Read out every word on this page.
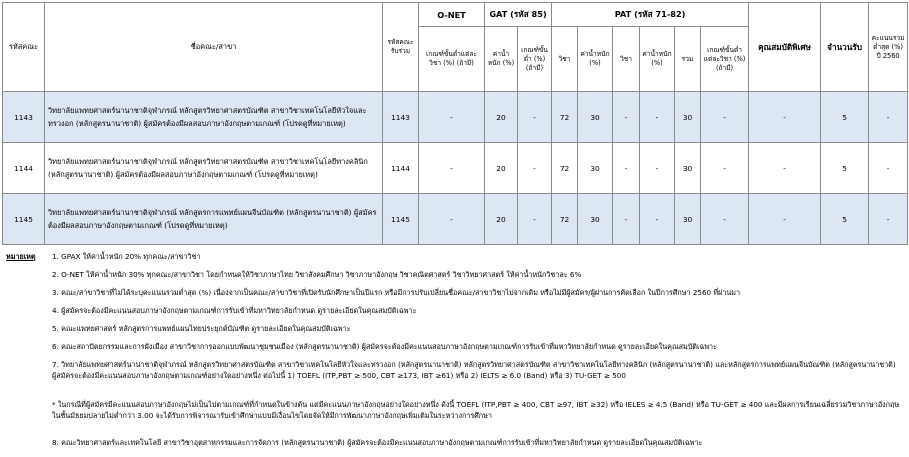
รหัสคณะ	ชื่อคณะ/สาขา	รหัสคณะรับร่วม	O-NET	GAT (รหัส 85)		PAT (รหัส 71-82)						คุณสมบัติพิเศษ	จำนวนรับ	คะแนนรวมต่ำสุด (%) ปี 2560
			เกณฑ์ขั้นต่ำแต่ละวิชา (%) (ถ้ามี)	ค่าน้ำหนัก (%)	เกณฑ์ขั้นต่ำ (%) (ถ้ามี)	วิชา	ค่าน้ำหนัก (%)	วิชา	ค่าน้ำหนัก (%)	รวม	เกณฑ์ขั้นต่ำแต่ละวิชา (%) (ถ้ามี)			
1143	วิทยาลัยแพทยศาสตร์นานาชาติจุฬาภรณ์ หลักสูตรวิทยาศาสตรบัณฑิต สาขาวิชาเทคโนโลยีหัวใจและทรวงอก (หลักสูตรนานาชาติ) ผู้สมัครต้องมีผลสอบภาษาอังกฤษตามเกณฑ์ (โปรดดูที่หมายเหตุ)	1143	-	20	-	72	30	-	-	30	-	-	5	-
1144	วิทยาลัยแพทยศาสตร์นานาชาติจุฬาภรณ์ หลักสูตรวิทยาศาสตรบัณฑิต สาขาวิชาเทคโนโลยีทางคลินิก (หลักสูตรนานาชาติ) ผู้สมัครต้องมีผลสอบภาษาอังกฤษตามเกณฑ์ (โปรดดูที่หมายเหตุ)	1144	-	20	-	72	30	-	-	30	-	-	5	-
1145	วิทยาลัยแพทยศาสตร์นานาชาติจุฬาภรณ์ หลักสูตรการแพทย์แผนจีนบัณฑิต (หลักสูตรนานาชาติ) ผู้สมัครต้องมีผลสอบภาษาอังกฤษตามเกณฑ์ (โปรดดูที่หมายเหตุ)	1145	-	20	-	72	30	-	-	30	-	-	5	-
หมายเหตุ 1. GPAX ให้ค่าน้ำหนัก 20% ทุกคณะ/สาขาวิชา
2. O-NET ให้ค่าน้ำหนัก 30% ทุกคณะ/สาขาวิชา โดยกำหนดให้วิชาภาษาไทย วิชาสังคมศึกษา วิชาภาษาอังกฤษ วิชาคณิตศาสตร์ วิชาวิทยาศาสตร์ ให้ค่าน้ำหนักวิชาละ 6%
3. คณะ/สาขาวิชาที่ไม่ได้ระบุคะแนนรวมต่ำสุด (%) เนื่องจากเป็นคณะ/สาขาวิชาที่เปิดรับนักศึกษาเป็นปีแรก หรือมีการปรับเปลี่ยนชื่อคณะ/สาขาวิชาไปจากเดิม หรือไม่มีผู้สมัคร/ผู้ผ่านการคัดเลือก ในปีการศึกษา 2560 ที่ผ่านมา
4. ผู้สมัครจะต้องมีคะแนนสอบภาษาอังกฤษตามเกณฑ์การรับเข้าที่มหาวิทยาลัยกำหนด ดูรายละเอียดในคุณสมบัติเฉพาะ
5. คณะแพทยศาสตร์ หลักสูตรการแพทย์แผนไทยประยุกต์บัณฑิต ดูรายละเอียดในคุณสมบัติเฉพาะ
6. คณะสถาปัตยกรรมและการผังเมือง สาขาวิชาการออกแบบพัฒนาชุมชนเมือง (หลักสูตรนานาชาติ) ผู้สมัครจะต้องมีคะแนนสอบภาษาอังกฤษตามเกณฑ์การรับเข้าที่มหาวิทยาลัยกำหนด ดูรายละเอียดในคุณสมบัติเฉพาะ
7. วิทยาลัยแพทยศาสตร์นานาชาติจุฬาภรณ์ หลักสูตรวิทยาศาสตรบัณฑิต สาขาวิชาเทคโนโลยีหัวใจและทรวงอก (หลักสูตรนานาชาติ) หลักสูตรวิทยาศาสตรบัณฑิต สาขาวิชาเทคโนโลยีทางคลินิก (หลักสูตรนานาชาติ) และหลักสูตรการแพทย์แผนจีนบัณฑิต (หลักสูตรนานาชาติ) ผู้สมัครจะต้องมีคะแนนสอบภาษาอังกฤษตามเกณฑ์อย่างใดอย่างหนึ่ง ต่อไปนี้ 1) TOEFL (ITP,PBT ≥ 500, CBT ≥173, IBT ≥61) หรือ 2) IELTS ≥ 6.0 (Band) หรือ 3) TU-GET ≥ 500
* ในกรณีที่ผู้สมัครมีคะแนนสอบภาษาอังกฤษไม่เป็นไปตามเกณฑ์ที่กำหนดในข้างต้น แต่มีคะแนนภาษาอังกฤษอย่างใดอย่างหนึ่ง ดังนี้ TOEFL (ITP,PBT ≥ 400, CBT ≥97, IBT ≥32) หรือ IELES ≥ 4.5 (Band) หรือ TU-GET ≥ 400 และมีผลการเรียนเฉลี่ยรวมวิชาภาษาอังกฤษ ในชั้นมัธยมปลายไม่ต่ำกว่า 3.00 จะได้รับการพิจารณารับเข้าศึกษาแบบมีเงื่อนไขโดยจัดให้มีการพัฒนาภาษาอังกฤษเพิ่มเติมในระหว่างการศึกษา
8. คณะวิทยาศาสตร์และเทคโนโลยี สาขาวิชาอุตสาหกรรมและการจัดการ (หลักสูตรนานาชาติ) ผู้สมัครจะต้องมีคะแนนสอบภาษาอังกฤษตามเกณฑ์การรับเข้าที่มหาวิทยาลัยกำหนด ดูรายละเอียดในคุณสมบัติเฉพาะ
